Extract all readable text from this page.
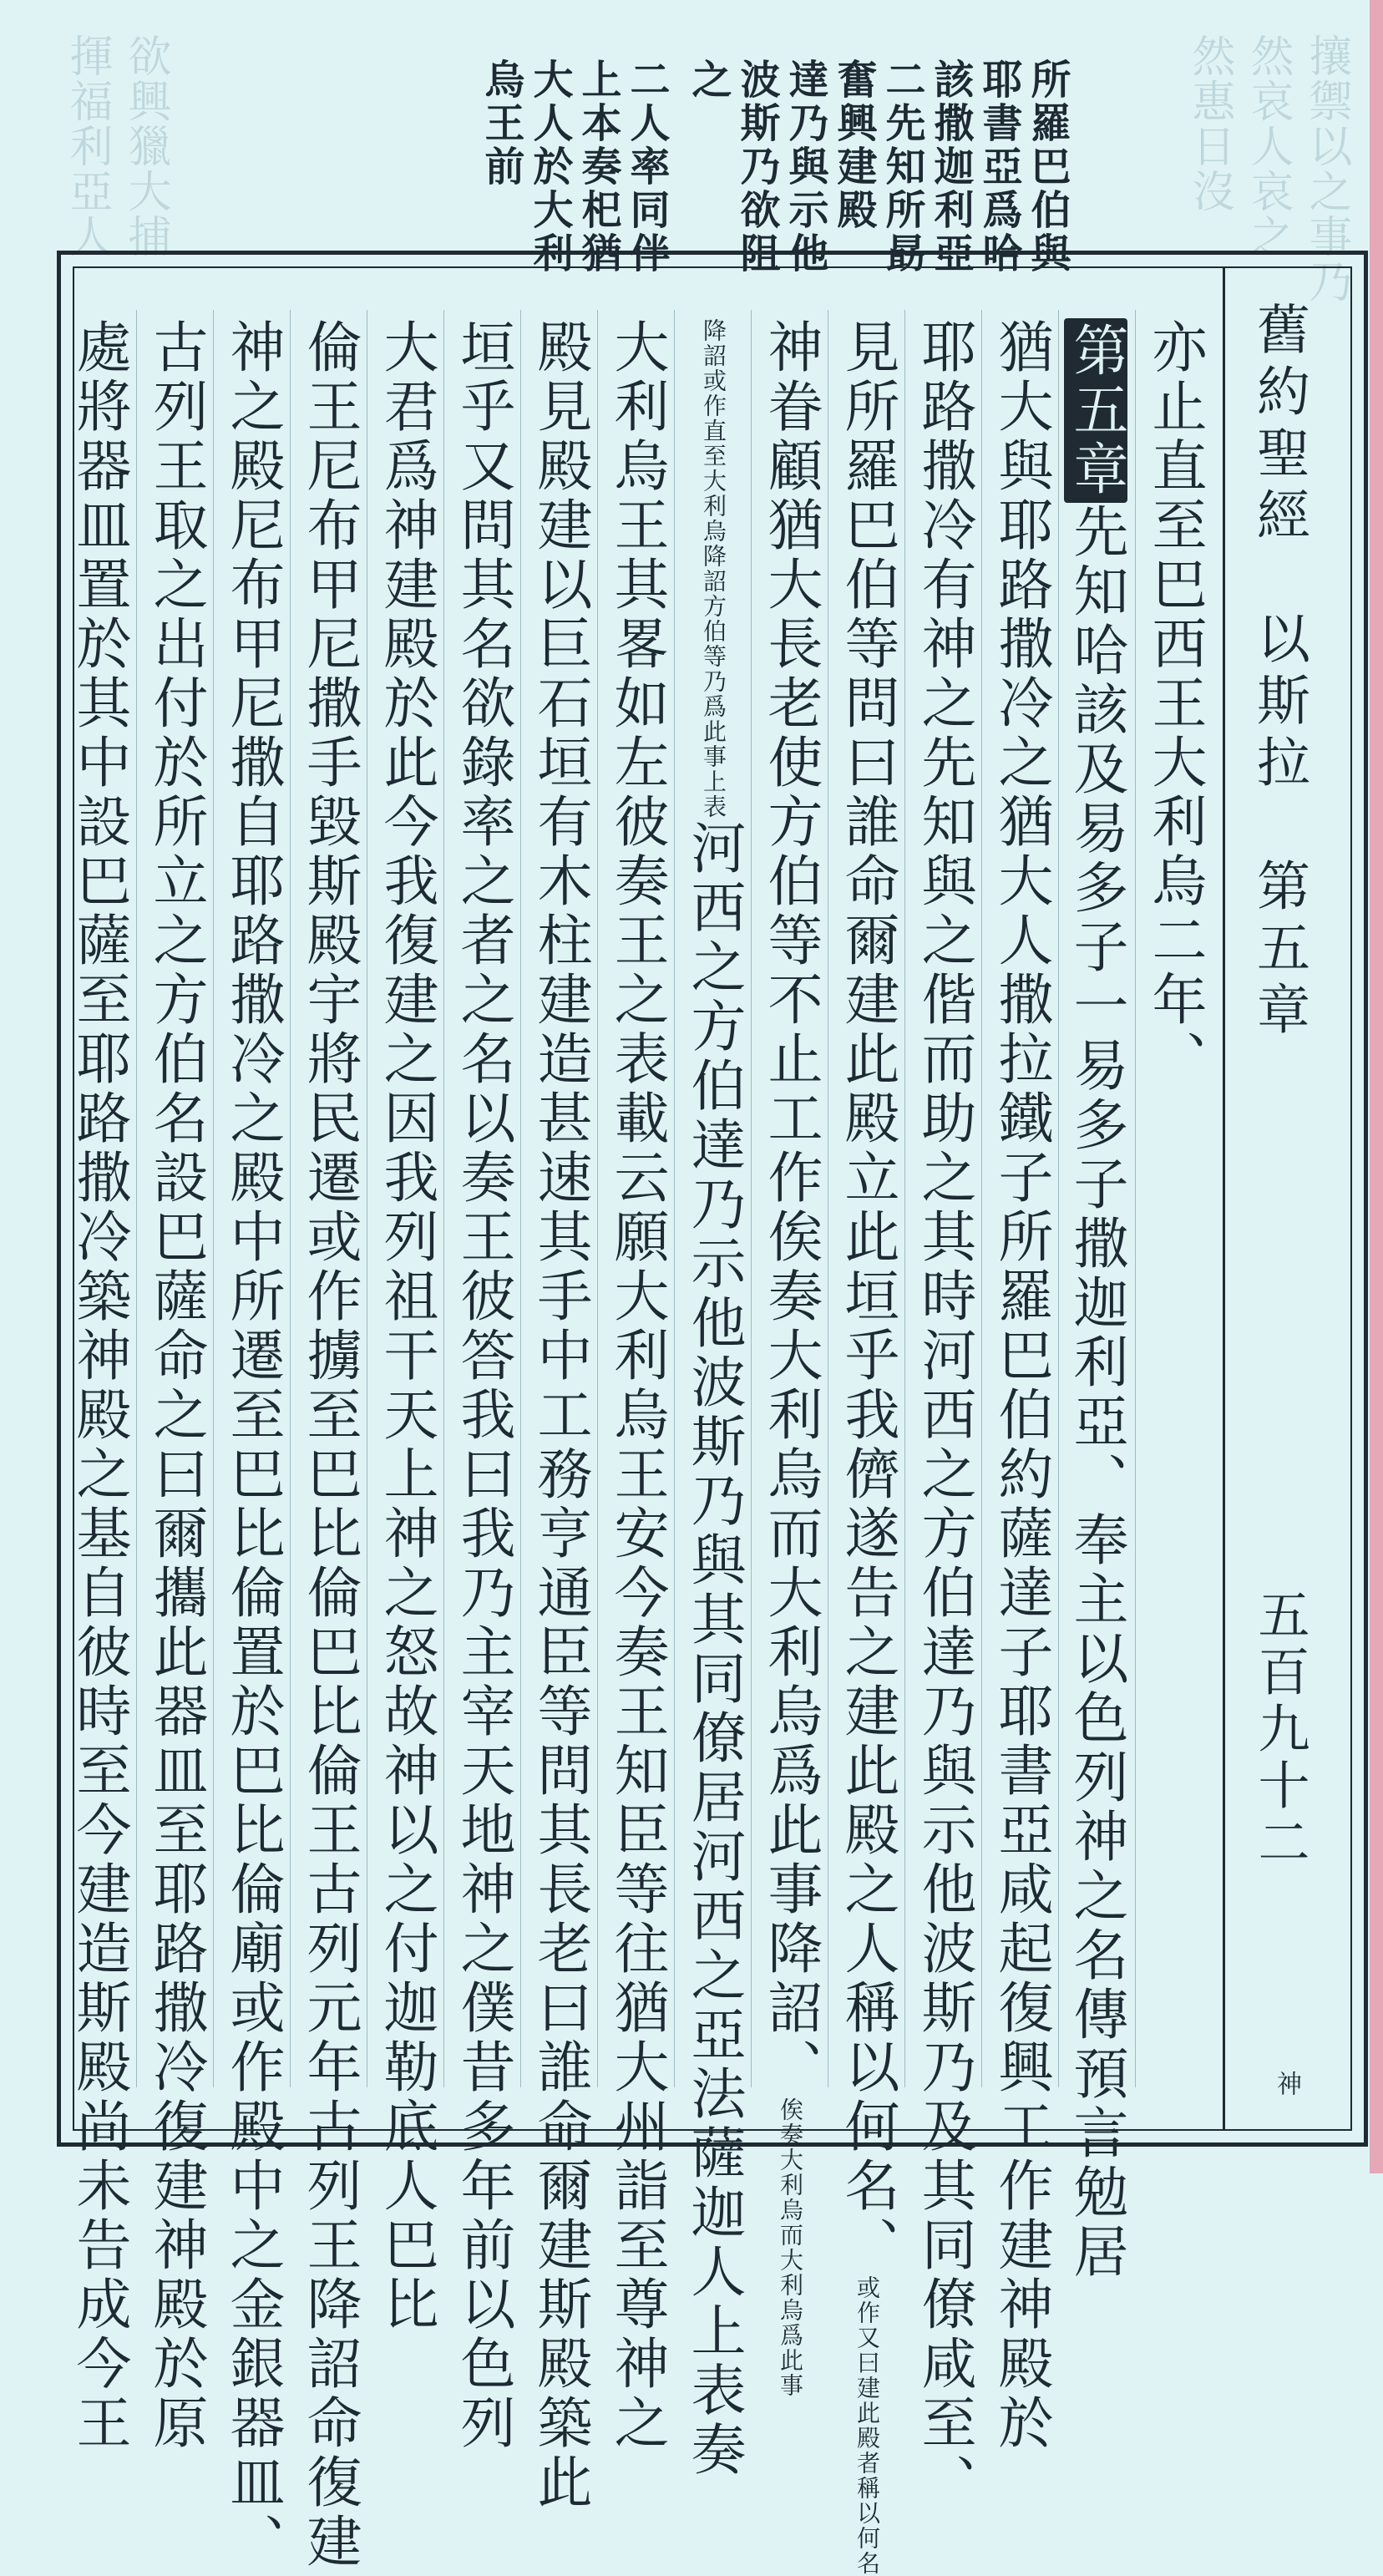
攘禦以之事乃
然哀人哀之
然惠日沒
揮福利亞人 欲興獵大捕	所羅巴伯與
耶書亞爲哈
該撒迦利亞
二先知所勗
奮興建殿
達乃與示他
波斯乃欲阻
之
二人率同伴
上本奏𣏌猶
大人於大利
烏王前
舊約聖經　以斯拉　第五章
五百九十二
神
亦止直至巴西王大利烏二年、
第五章先知哈該及易多子一易多子撒迦利亞、奉主以色列神之名傳預言勉居
猶大與耶路撒冷之猶大人撒拉鐵子所羅巴伯約薩達子耶書亞咸起復興工作建神殿於
耶路撒冷有神之先知與之偕而助之其時河西之方伯達乃與示他波斯乃及其同僚咸至、
見所羅巴伯等問曰誰命爾建此殿立此垣乎我儕遂告之建此殿之人稱以何名、或作又曰建此殿者稱以何名
神眷顧猶大長老使方伯等不止工作俟奏大利烏而大利烏爲此事降詔、俟奏大利烏而大利烏爲此事
降詔或作直至大利烏降詔方伯等乃爲此事上表河西之方伯達乃示他波斯乃與其同僚居河西之亞法薩迦人上表奏
大利烏王其畧如左彼奏王之表載云願大利烏王安今奏王知臣等往猶大州詣至尊神之
殿見殿建以巨石垣有木柱建造甚速其手中工務亨通臣等問其長老曰誰命爾建斯殿築此
垣乎又問其名欲錄率之者之名以奏王彼答我曰我乃主宰天地神之僕昔多年前以色列
大君爲神建殿於此今我復建之因我列祖干天上神之怒故神以之付迦勒底人巴比
倫王尼布甲尼撒手毀斯殿宇將民遷或作擄至巴比倫巴比倫王古列元年古列王降詔命復建
神之殿尼布甲尼撒自耶路撒冷之殿中所遷至巴比倫置於巴比倫廟或作殿中之金銀器皿、
古列王取之出付於所立之方伯名設巴薩命之曰爾攜此器皿至耶路撒冷復建神殿於原
處將器皿置於其中設巴薩至耶路撒冷築神殿之基自彼時至今建造斯殿尚未告成今王
